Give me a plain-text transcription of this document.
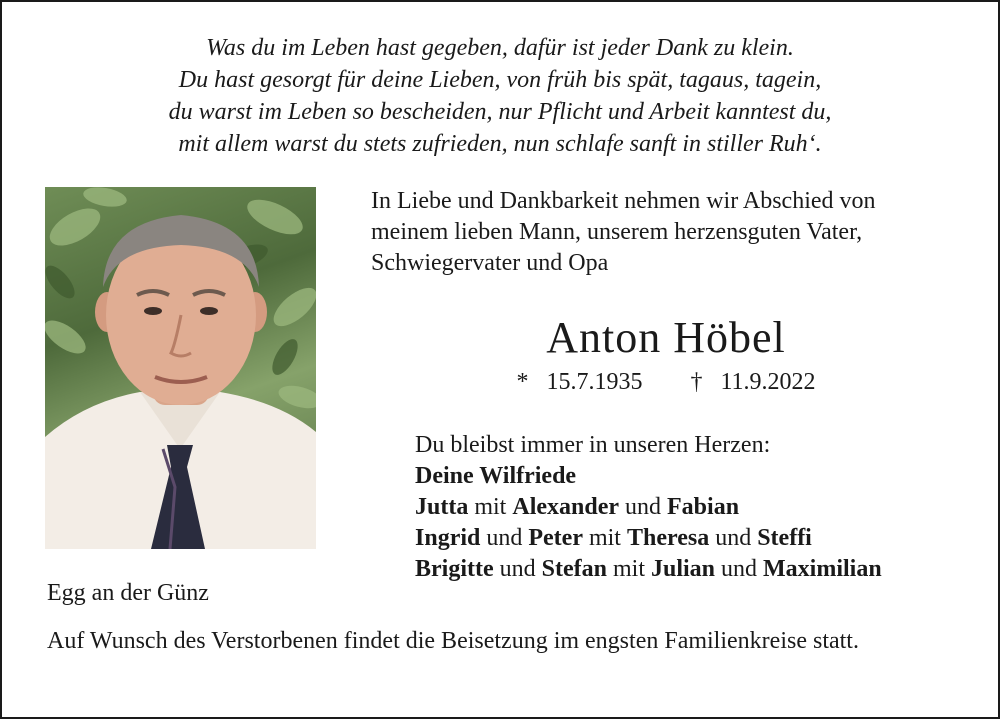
Was du im Leben hast gegeben, dafür ist jeder Dank zu klein.
Du hast gesorgt für deine Lieben, von früh bis spät, tagaus, tagein,
du warst im Leben so bescheiden, nur Pflicht und Arbeit kanntest du,
mit allem warst du stets zufrieden, nun schlafe sanft in stiller Ruh‘.
In Liebe und Dankbarkeit nehmen wir Abschied von
meinem lieben Mann, unserem herzensguten Vater,
Schwiegervater und Opa
Anton Höbel
* 15.7.1935 † 11.9.2022
Du bleibst immer in unseren Herzen:
Deine Wilfriede
Jutta mit Alexander und Fabian
Ingrid und Peter mit Theresa und Steffi
Brigitte und Stefan mit Julian und Maximilian
Egg an der Günz
Auf Wunsch des Verstorbenen findet die Beisetzung im engsten Familienkreise statt.
